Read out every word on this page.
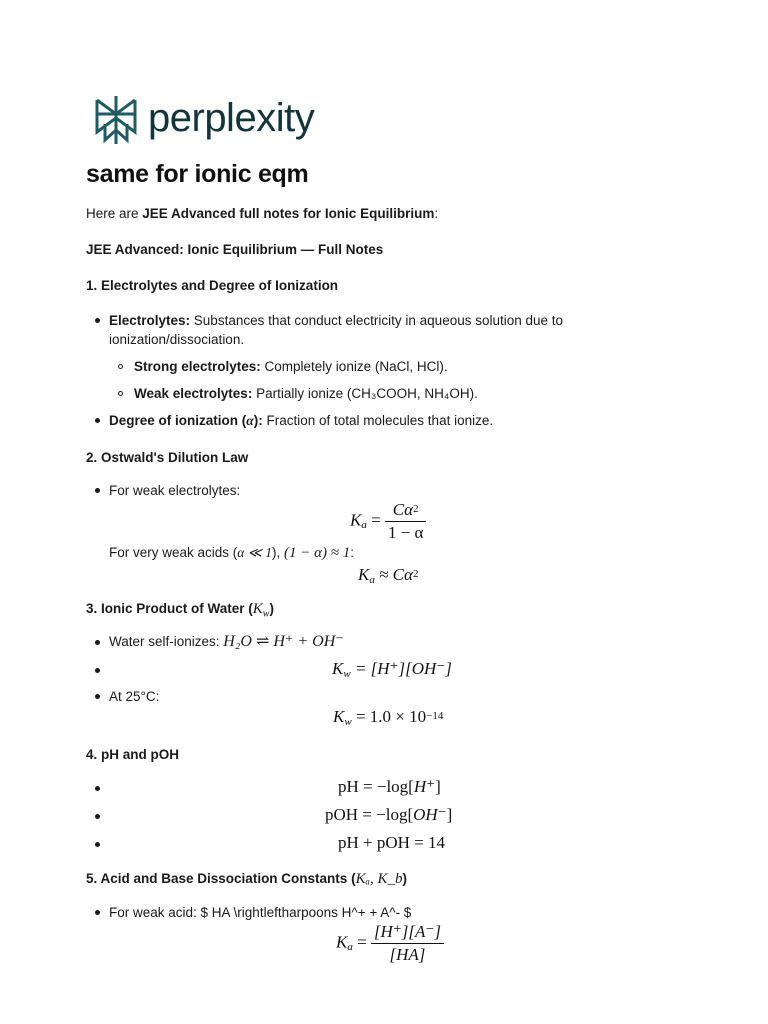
perplexity
same for ionic eqm
Here are JEE Advanced full notes for Ionic Equilibrium:
JEE Advanced: Ionic Equilibrium — Full Notes
1. Electrolytes and Degree of Ionization
Electrolytes: Substances that conduct electricity in aqueous solution due to
ionization/dissociation.
Strong electrolytes: Completely ionize (NaCl, HCl).
Weak electrolytes: Partially ionize (CH₃COOH, NH₄OH).
Degree of ionization (α): Fraction of total molecules that ionize.
2. Ostwald's Dilution Law
For weak electrolytes:
$K_a = \frac{C\alpha^2}{1 - \alpha}$
For very weak acids (α ≪ 1), (1 − α) ≈ 1:
$K_a \approx C\alpha^2$
3. Ionic Product of Water $(K_w)$
Water self-ionizes: H₂O ⇌ H⁺ + OH⁻
$K_w = [H^+][OH^-]$
At 25°C:
$K_w = 1.0 \times 10^{-14}$
4. pH and pOH
pH = −log[H⁺]
pOH = −log[OH⁻]
pH + pOH = 14
5. Acid and Base Dissociation Constants (Kₐ, K_b)
For weak acid: $ HA \rightleftharpoons H^+ + A^- $
$K_a = \frac{[H^+][A^-]}{[HA]}$
